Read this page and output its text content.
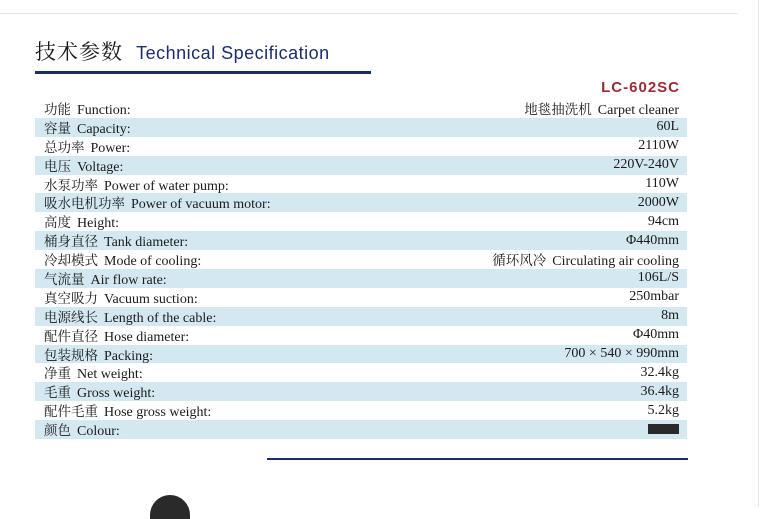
技术参数 Technical Specification
LC-602SC
功能 Function:	地毯抽洗机 Carpet cleaner
容量 Capacity:	60L
总功率 Power:	2110W
电压 Voltage:	220V-240V
水泵功率 Power of water pump:	110W
吸水电机功率 Power of vacuum motor:	2000W
高度 Height:	94cm
桶身直径 Tank diameter:	Φ440mm
冷却模式 Mode of cooling:	循环风冷 Circulating air cooling
气流量 Air flow rate:	106L/S
真空吸力 Vacuum suction:	250mbar
电源线长 Length of the cable:	8m
配件直径 Hose diameter:	Φ40mm
包装规格 Packing:	700 × 540 × 990mm
净重 Net weight:	32.4kg
毛重 Gross weight:	36.4kg
配件毛重 Hose gross weight:	5.2kg
颜色 Colour:
